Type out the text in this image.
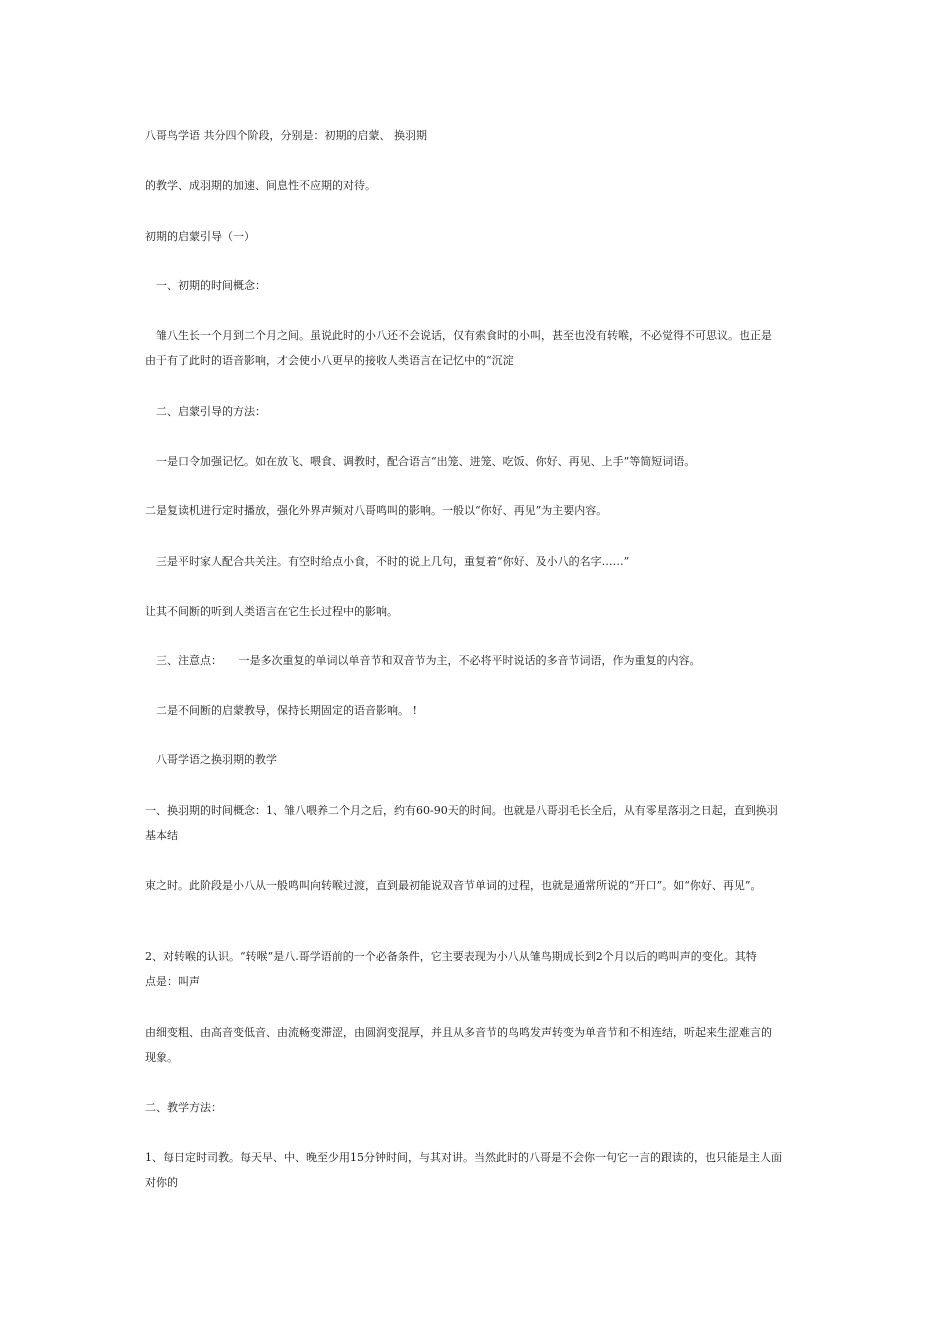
八哥鸟学语 共分四个阶段，分别是：初期的启蒙、 换羽期
的教学、成羽期的加速、间息性不应期的对待。
初期的启蒙引导（一）
　一、初期的时间概念：
　雏八生长一个月到二个月之间。虽说此时的小八还不会说话，仅有索食时的小叫，甚至也没有转喉，不必觉得不可思议。也正是
由于有了此时的语音影响，才会使小八更早的接收人类语言在记忆中的“沉淀
　二、启蒙引导的方法：
　一是口令加强记忆。如在放飞、喂食、调教时，配合语言“出笼、进笼、吃饭、你好、再见、上手”等简短词语。
二是复读机进行定时播放，强化外界声频对八哥鸣叫的影响。一般以“你好、再见”为主要内容。
　三是平时家人配合共关注。有空时给点小食，不时的说上几句，重复着“你好、及小八的名字……”
让其不间断的听到人类语言在它生长过程中的影响。
　三、注意点：　　一是多次重复的单词以单音节和双音节为主，不必将平时说话的多音节词语，作为重复的内容。
　二是不间断的启蒙教导，保持长期固定的语音影响。 !
　八哥学语之换羽期的教学
一、换羽期的时间概念：1、雏八喂养二个月之后，约有60-90天的时间。也就是八哥羽毛长全后，从有零星落羽之日起，直到换羽
基本结
束之时。此阶段是小八从一般鸣叫向转喉过渡，直到最初能说双音节单词的过程，也就是通常所说的“开口”。如“你好、再见”。
2、对转喉的认识。“转喉”是八.哥学语前的一个必备条件，它主要表现为小八从雏鸟期成长到2个月以后的鸣叫声的变化。其特
点是：叫声
由细变粗、由高音变低音、由流畅变滞涩，由圆润变混厚，并且从多音节的鸟鸣发声转变为单音节和不相连结，听起来生涩难言的
现象。
二、教学方法：
1、每日定时司教。每天早、中、晚至少用15分钟时间，与其对讲。当然此时的八哥是不会你一句它一言的跟读的，也只能是主人面
对你的
